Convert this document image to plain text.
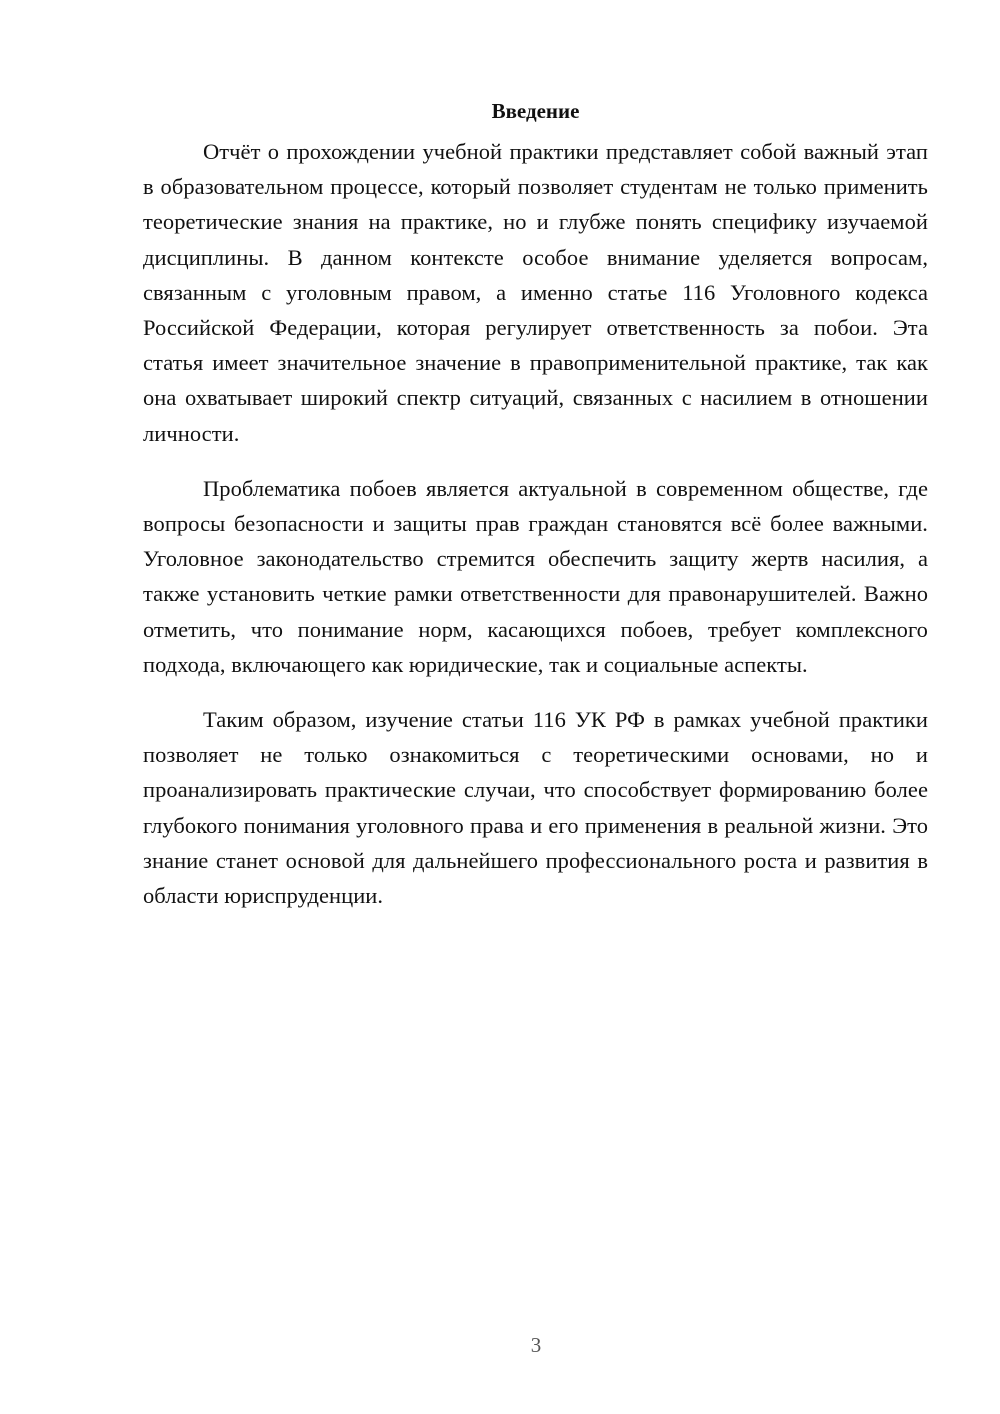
Введение

Отчёт о прохождении учебной практики представляет собой важный этап в образовательном процессе, который позволяет студентам не только применить теоретические знания на практике, но и глубже понять специфику изучаемой дисциплины. В данном контексте особое внимание уделяется вопросам, связанным с уголовным правом, а именно статье 116 Уголовного кодекса Российской Федерации, которая регулирует ответственность за побои. Эта статья имеет значительное значение в правоприменительной практике, так как она охватывает широкий спектр ситуаций, связанных с насилием в отношении личности.

Проблематика побоев является актуальной в современном обществе, где вопросы безопасности и защиты прав граждан становятся всё более важными. Уголовное законодательство стремится обеспечить защиту жертв насилия, а также установить четкие рамки ответственности для правонарушителей. Важно отметить, что понимание норм, касающихся побоев, требует комплексного подхода, включающего как юридические, так и социальные аспекты.

Таким образом, изучение статьи 116 УК РФ в рамках учебной практики позволяет не только ознакомиться с теоретическими основами, но и проанализировать практические случаи, что способствует формированию более глубокого понимания уголовного права и его применения в реальной жизни. Это знание станет основой для дальнейшего профессионального роста и развития в области юриспруденции.

3
